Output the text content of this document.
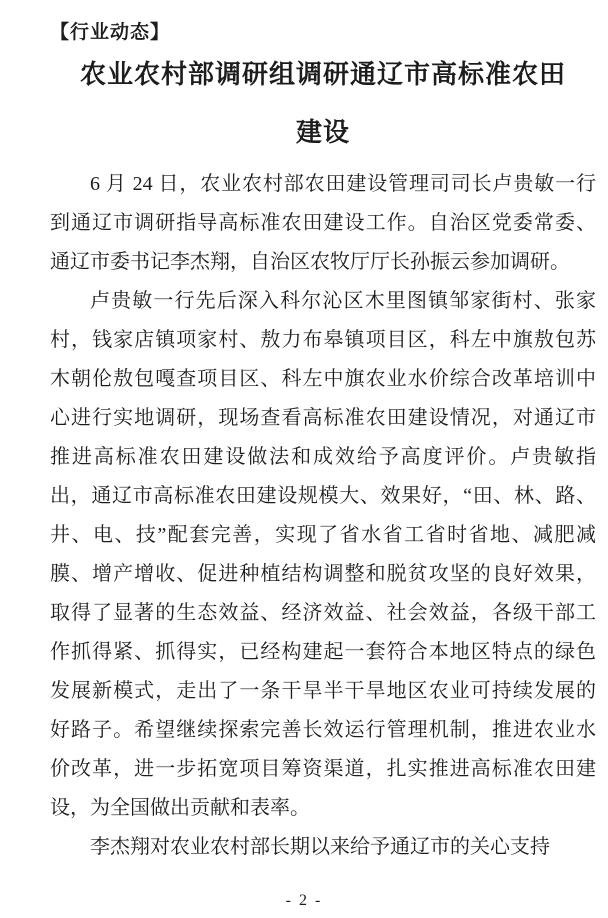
【行业动态】
农业农村部调研组调研通辽市高标准农田
建设
6 月 24 日，农业农村部农田建设管理司司长卢贵敏一行
到通辽市调研指导高标准农田建设工作。自治区党委常委、
通辽市委书记李杰翔，自治区农牧厅厅长孙振云参加调研。
卢贵敏一行先后深入科尔沁区木里图镇邹家街村、张家
村，钱家店镇项家村、敖力布皋镇项目区，科左中旗敖包苏
木朝伦敖包嘎查项目区、科左中旗农业水价综合改革培训中
心进行实地调研，现场查看高标准农田建设情况，对通辽市
推进高标准农田建设做法和成效给予高度评价。卢贵敏指
出，通辽市高标准农田建设规模大、效果好，“田、林、路、
井、电、技”配套完善，实现了省水省工省时省地、减肥减
膜、增产增收、促进种植结构调整和脱贫攻坚的良好效果，
取得了显著的生态效益、经济效益、社会效益，各级干部工
作抓得紧、抓得实，已经构建起一套符合本地区特点的绿色
发展新模式，走出了一条干旱半干旱地区农业可持续发展的
好路子。希望继续探索完善长效运行管理机制，推进农业水
价改革，进一步拓宽项目筹资渠道，扎实推进高标准农田建
设，为全国做出贡献和表率。
李杰翔对农业农村部长期以来给予通辽市的关心支持
- 2 -
